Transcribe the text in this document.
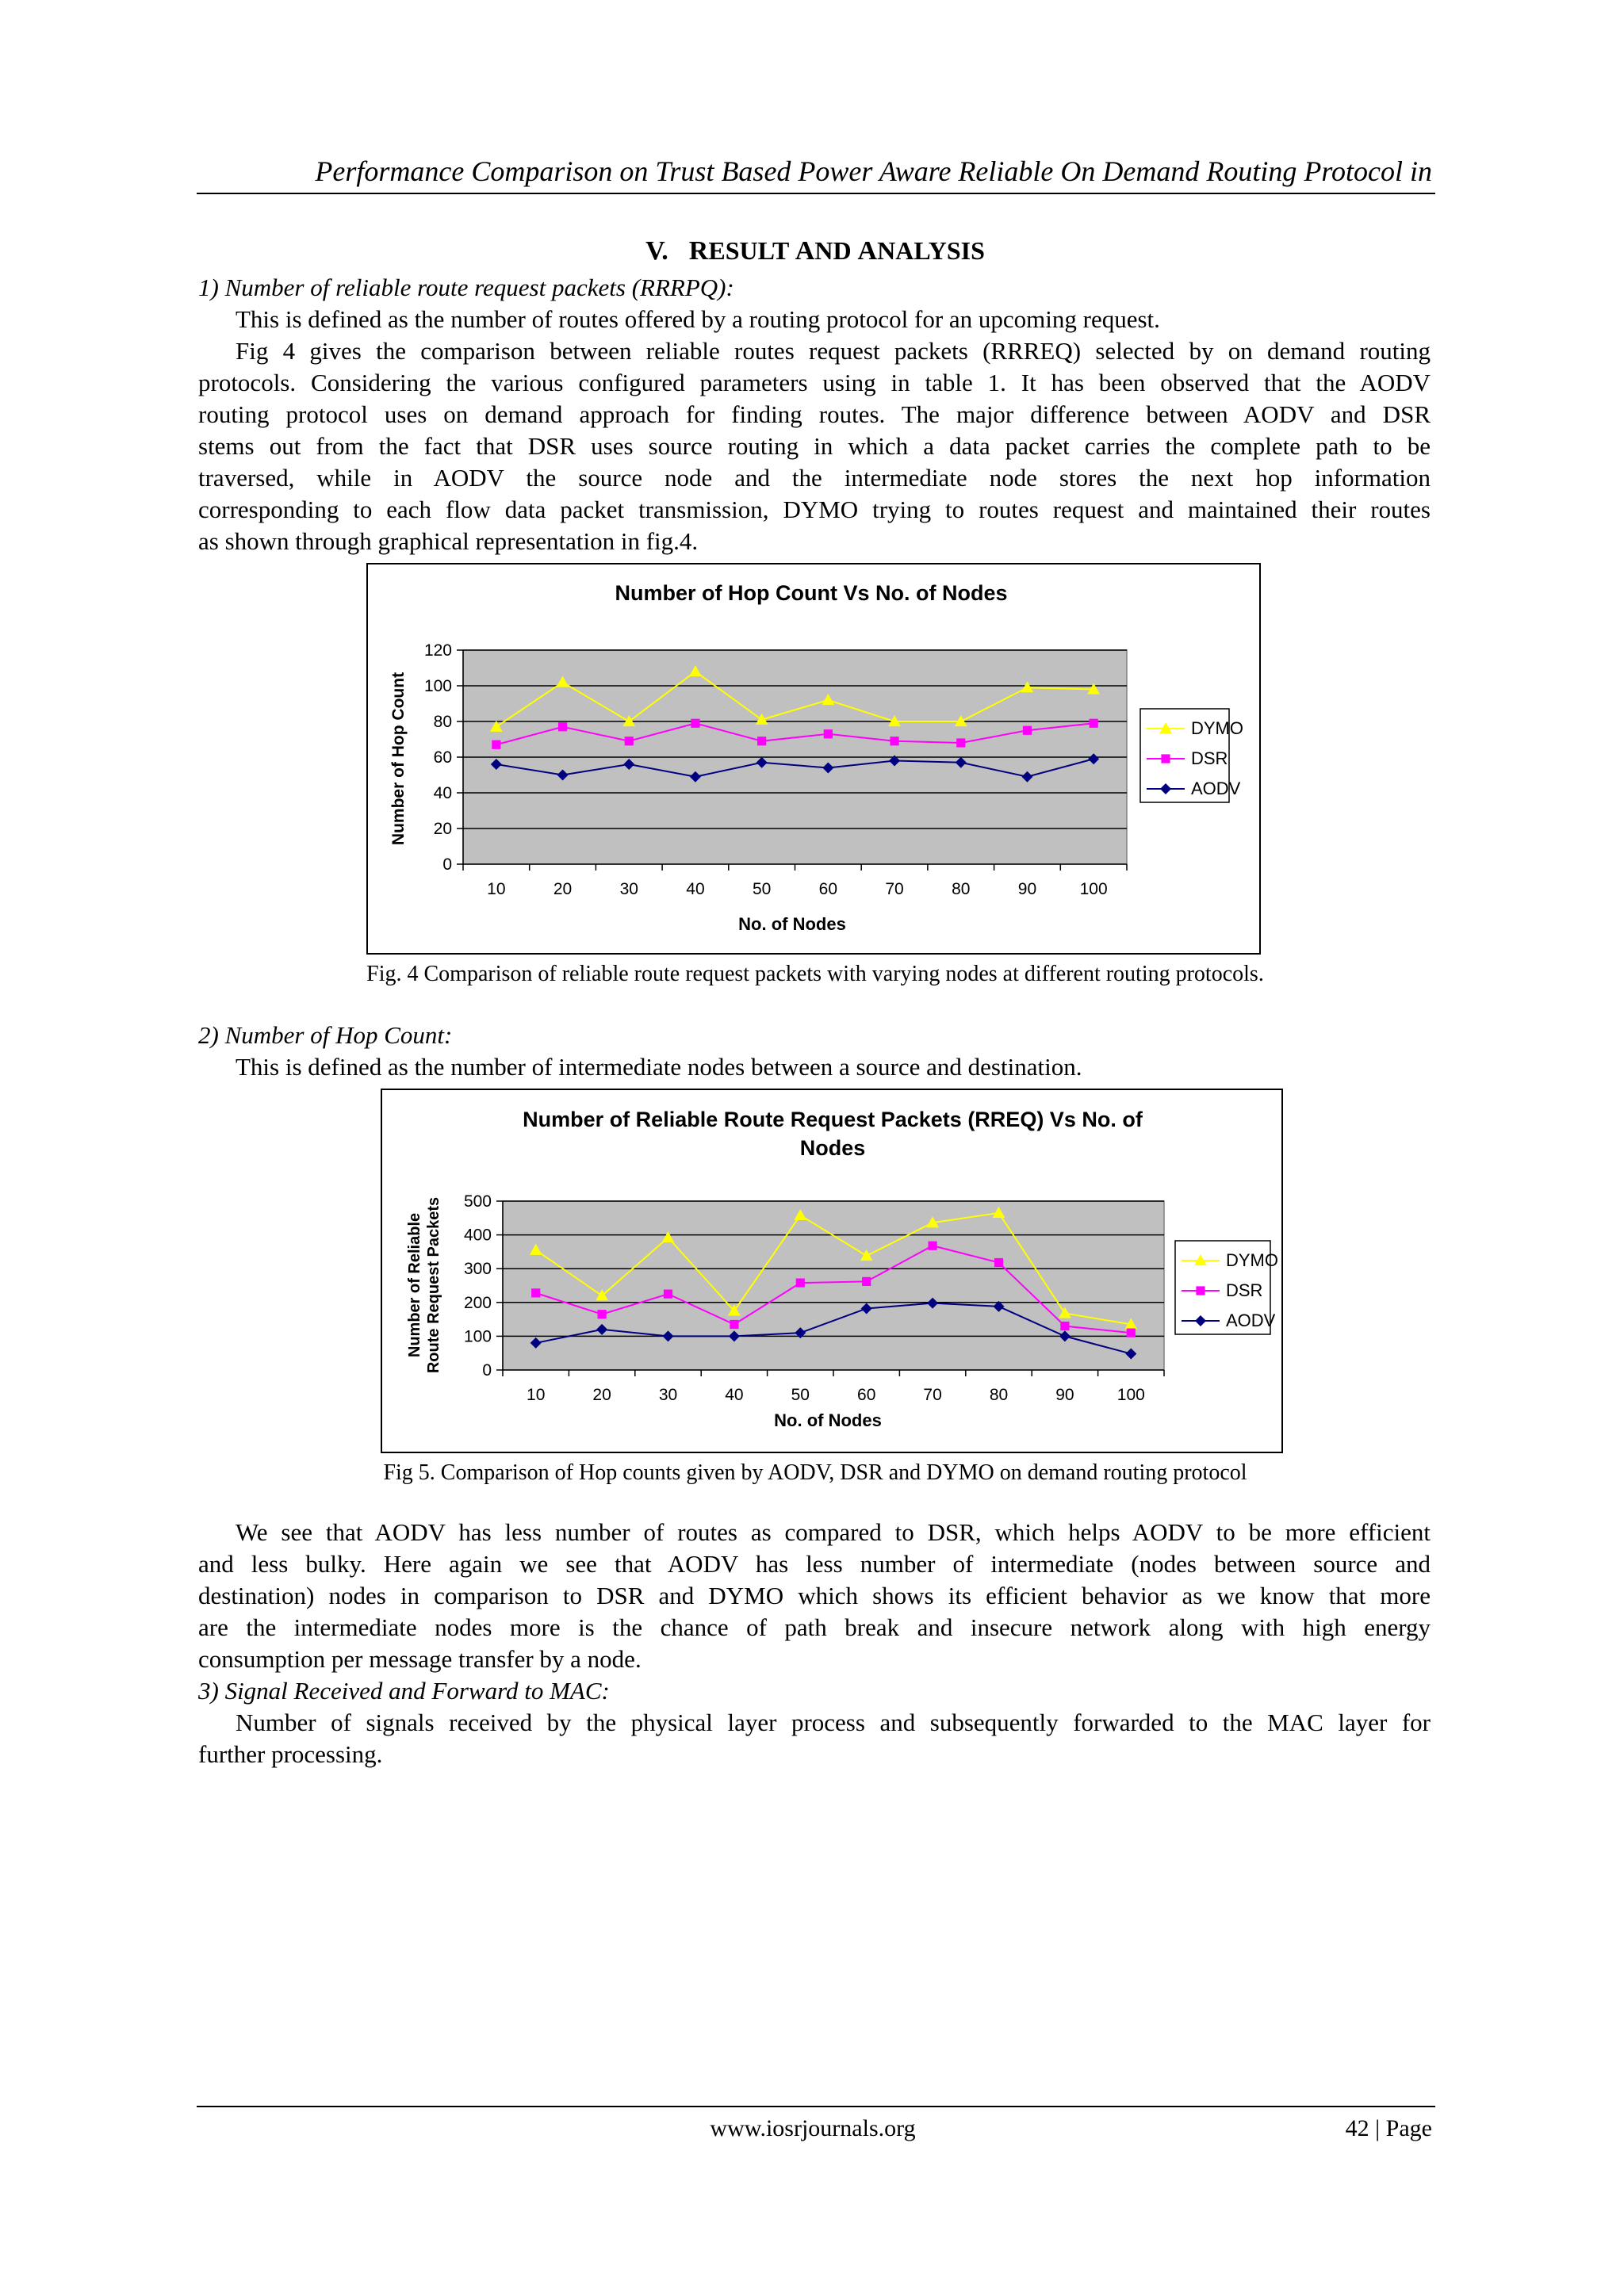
Performance Comparison on Trust Based Power Aware Reliable On Demand Routing Protocol in
V. RESULT AND ANALYSIS
1) Number of reliable route request packets (RRRPQ):
This is defined as the number of routes offered by a routing protocol for an upcoming request.
Fig 4 gives the comparison between reliable routes request packets (RRREQ) selected by on demand routing
protocols. Considering the various configured parameters using in table 1. It has been observed that the AODV
routing protocol uses on demand approach for finding routes. The major difference between AODV and DSR
stems out from the fact that DSR uses source routing in which a data packet carries the complete path to be
traversed, while in AODV the source node and the intermediate node stores the next hop information
corresponding to each flow data packet transmission, DYMO trying to routes request and maintained their routes
as shown through graphical representation in fig.4.
Number of Hop Count Vs No. of Nodes
No. of Nodes
Number of Hop Count
0
20
40
60
80
100
120
10	20	30	40	50	60	70	80	90	100
DYMO
DSR
AODV
Fig. 4 Comparison of reliable route request packets with varying nodes at different routing protocols.
2) Number of Hop Count:
This is defined as the number of intermediate nodes between a source and destination.
Number of Reliable Route Request Packets (RREQ) Vs No. of
Nodes
No. of Nodes
Number of Reliable Route Request Packets 0
100
200
300
400
500
10	20	30	40	50	60	70	80	90	100
DYMO
DSR
AODV
Fig 5. Comparison of Hop counts given by AODV, DSR and DYMO on demand routing protocol
We see that AODV has less number of routes as compared to DSR, which helps AODV to be more efficient
and less bulky. Here again we see that AODV has less number of intermediate (nodes between source and
destination) nodes in comparison to DSR and DYMO which shows its efficient behavior as we know that more
are the intermediate nodes more is the chance of path break and insecure network along with high energy
consumption per message transfer by a node.
3) Signal Received and Forward to MAC:
Number of signals received by the physical layer process and subsequently forwarded to the MAC layer for
further processing.
www.iosrjournals.org	42 | Page
